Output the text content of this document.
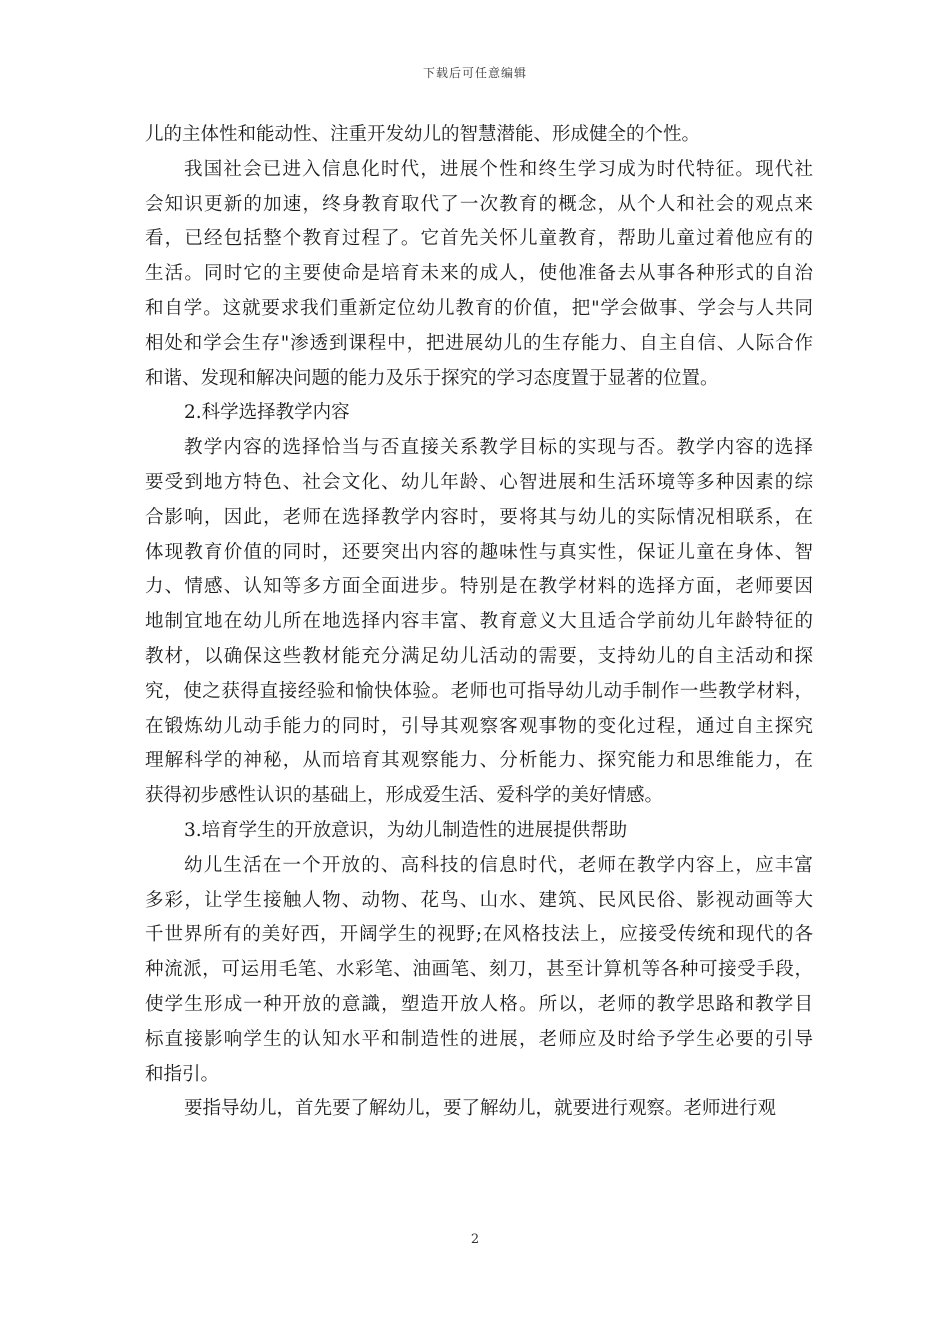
下载后可任意编辑
儿的主体性和能动性、注重开发幼儿的智慧潜能、形成健全的个性。
我国社会已进入信息化时代，进展个性和终生学习成为时代特征。现代社
会知识更新的加速，终身教育取代了一次教育的概念，从个人和社会的观点来
看，已经包括整个教育过程了。它首先关怀儿童教育，帮助儿童过着他应有的
生活。同时它的主要使命是培育未来的成人，使他准备去从事各种形式的自治
和自学。这就要求我们重新定位幼儿教育的价值，把"学会做事、学会与人共同
相处和学会生存"渗透到课程中，把进展幼儿的生存能力、自主自信、人际合作
和谐、发现和解决问题的能力及乐于探究的学习态度置于显著的位置。
2.科学选择教学内容
教学内容的选择恰当与否直接关系教学目标的实现与否。教学内容的选择
要受到地方特色、社会文化、幼儿年龄、心智进展和生活环境等多种因素的综
合影响，因此，老师在选择教学内容时，要将其与幼儿的实际情况相联系，在
体现教育价值的同时，还要突出内容的趣味性与真实性，保证儿童在身体、智
力、情感、认知等多方面全面进步。特别是在教学材料的选择方面，老师要因
地制宜地在幼儿所在地选择内容丰富、教育意义大且适合学前幼儿年龄特征的
教材，以确保这些教材能充分满足幼儿活动的需要，支持幼儿的自主活动和探
究，使之获得直接经验和愉快体验。老师也可指导幼儿动手制作一些教学材料，
在锻炼幼儿动手能力的同时，引导其观察客观事物的变化过程，通过自主探究
理解科学的神秘，从而培育其观察能力、分析能力、探究能力和思维能力，在
获得初步感性认识的基础上，形成爱生活、爱科学的美好情感。
3.培育学生的开放意识，为幼儿制造性的进展提供帮助
幼儿生活在一个开放的、高科技的信息时代，老师在教学内容上，应丰富
多彩，让学生接触人物、动物、花鸟、山水、建筑、民风民俗、影视动画等大
千世界所有的美好西，开阔学生的视野;在风格技法上，应接受传统和现代的各
种流派，可运用毛笔、水彩笔、油画笔、刻刀，甚至计算机等各种可接受手段，
使学生形成一种开放的意識，塑造开放人格。所以，老师的教学思路和教学目
标直接影响学生的认知水平和制造性的进展，老师应及时给予学生必要的引导
和指引。
要指导幼儿，首先要了解幼儿，要了解幼儿，就要进行观察。老师进行观
2
